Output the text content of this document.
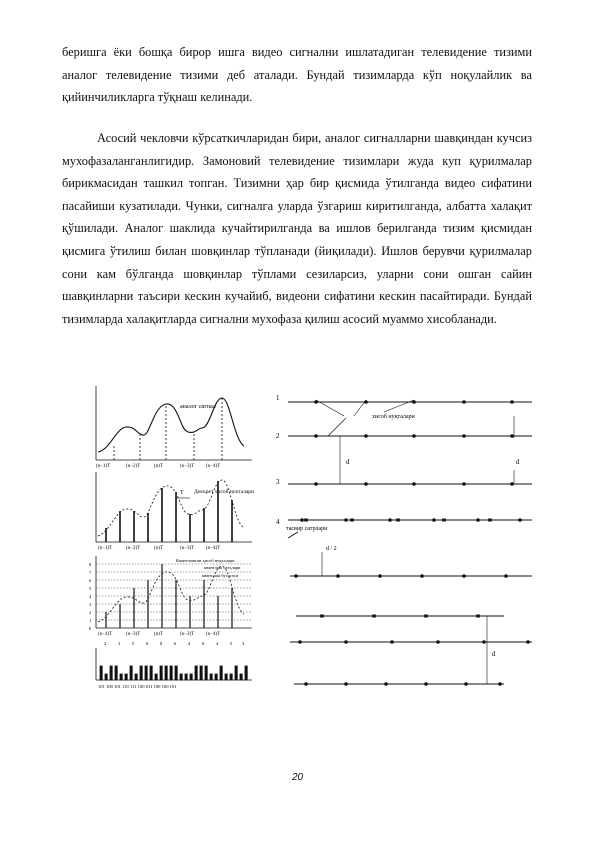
беришга ёки бошқа бирор ишга видео сигнални ишлатадиган телевидение тизими аналог телевидение тизими деб аталади. Бундай тизимларда кўп ноқулайлик ва қийинчиликларга тўқнаш келинади.

Асосий чекловчи кўрсаткичларидан бири, аналог сигналларни шавқиндан кучсиз мухофазаланганлигидир. Замоновий телевидение тизимлари жуда куп қурилмалар бирикмасидан ташкил топган. Тизимни ҳар бир қисмида ўтилганда видео сифатини пасайиши кузатилади. Чунки, сигналга уларда ўзгариш киритилганда, албатта халақит қўшилади. Аналог шаклида кучайтирилганда ва ишлов берилганда тизим қисмидан қисмига ўтилиш билан шовқинлар тўпланади (йиқилади). Ишлов берувчи қурилмалар сони кам бўлганда шовқинлар тўплами сезиларсиз, уларни сони ошган сайин шавқинларни таъсири кескин кучайиб, видеони сифатини кескин пасайтиради. Бундай тизимларда халақитларда сигнални мухофаза қилиш асосий муаммо хисобланади.

аналог сигнал
(n−1)T	(n−2)T	(n)T	(n−3)T (n−4)T
T Дискрет ҳисоб нукталари
(n−1)T	(n−2)T	(n)T	(n−3)T (n−4)T
8
7
6
5
4
3
2
1
0
Квантлашган ҳисоб нуқталари
квантлаш сатҳлари
квантлаш бусагаси
(n−4)T	(n−3)T	(n)T	(n−2)T (n−4)T
2	3	5	6	8	6	4	6	4	5 3
101 100 101 110 111 100 011 100 100 101
1
2
3
4
хисоб нуқталари
тасвир сатрлари
d	d
d
d / 2
20
